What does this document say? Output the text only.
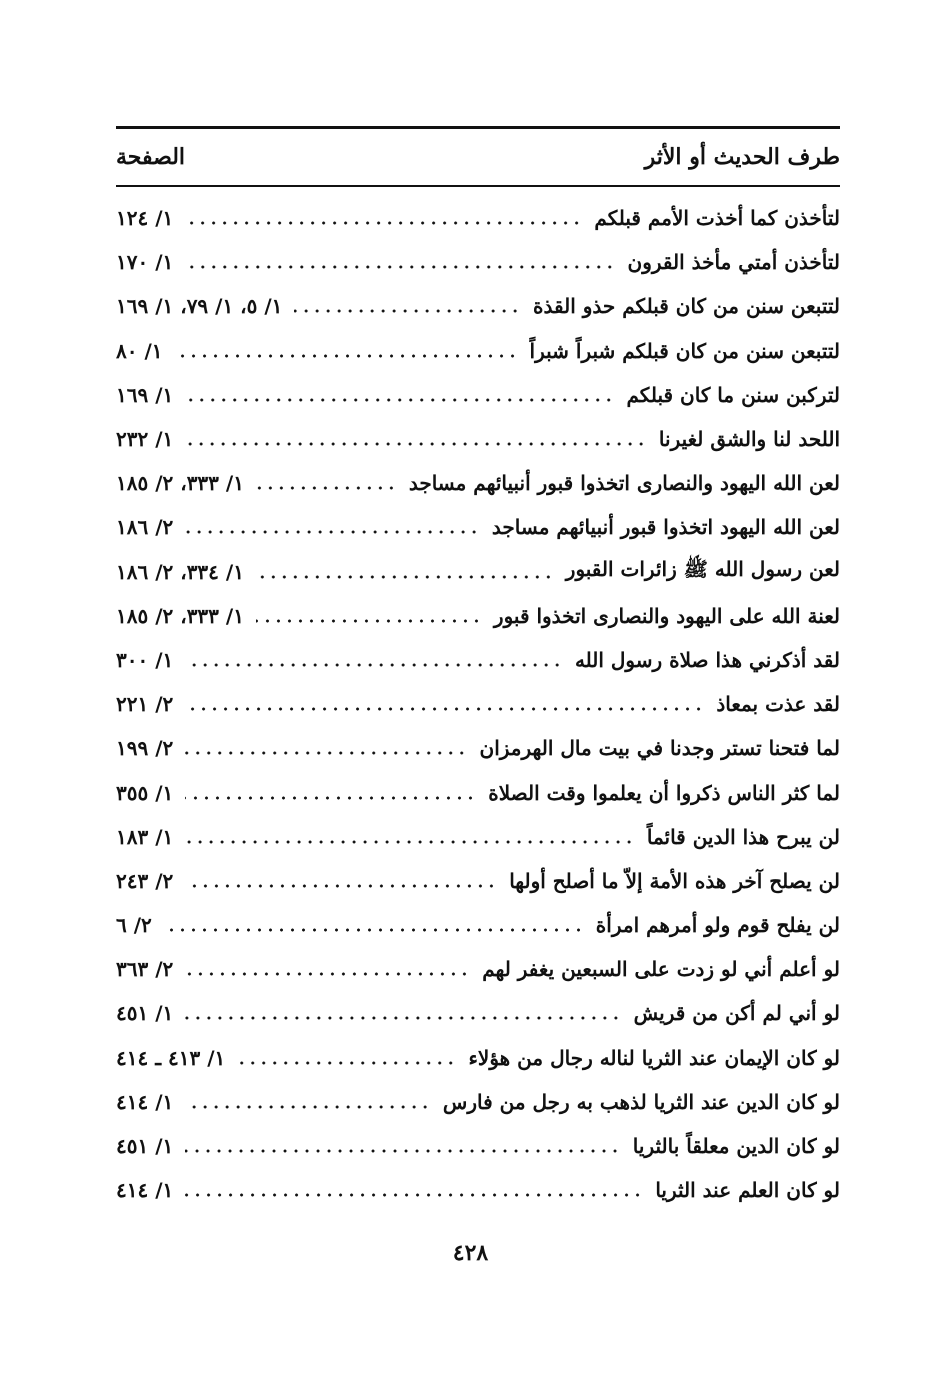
طرف الحديث أو الأثر
الصفحة
لتأخذن كما أخذت الأمم قبلكم
١/ ١٢٤
لتأخذن أمتي مأخذ القرون
١/ ١٧٠
لتتبعن سنن من كان قبلكم حذو القذة
١/ ٥، ١/ ٧٩، ١/ ١٦٩
لتتبعن سنن من كان قبلكم شبراً شبراً
١/ ٨٠
لتركبن سنن ما كان قبلكم
١/ ١٦٩
اللحد لنا والشق لغيرنا
١/ ٢٣٢
لعن الله اليهود والنصارى اتخذوا قبور أنبيائهم مساجد
١/ ٣٣٣، ٢/ ١٨٥
لعن الله اليهود اتخذوا قبور أنبيائهم مساجد
٢/ ١٨٦
لعن رسول الله ﷺ زائرات القبور
١/ ٣٣٤، ٢/ ١٨٦
لعنة الله على اليهود والنصارى اتخذوا قبور
١/ ٣٣٣، ٢/ ١٨٥
لقد أذكرني هذا صلاة رسول الله
١/ ٣٠٠
لقد عذت بمعاذ
٢/ ٢٢١
لما فتحنا تستر وجدنا في بيت مال الهرمزان
٢/ ١٩٩
لما كثر الناس ذكروا أن يعلموا وقت الصلاة
١/ ٣٥٥
لن يبرح هذا الدين قائماً
١/ ١٨٣
لن يصلح آخر هذه الأمة إلاّ ما أصلح أولها
٢/ ٢٤٣
لن يفلح قوم ولو أمرهم امرأة
٢/ ٦
لو أعلم أني لو زدت على السبعين يغفر لهم
٢/ ٣٦٣
لو أني لم أكن من قريش
١/ ٤٥١
لو كان الإيمان عند الثريا لناله رجال من هؤلاء
١/ ٤١٣ ـ ٤١٤
لو كان الدين عند الثريا لذهب به رجل من فارس
١/ ٤١٤
لو كان الدين معلقاً بالثريا
١/ ٤٥١
لو كان العلم عند الثريا
١/ ٤١٤
٤٢٨
